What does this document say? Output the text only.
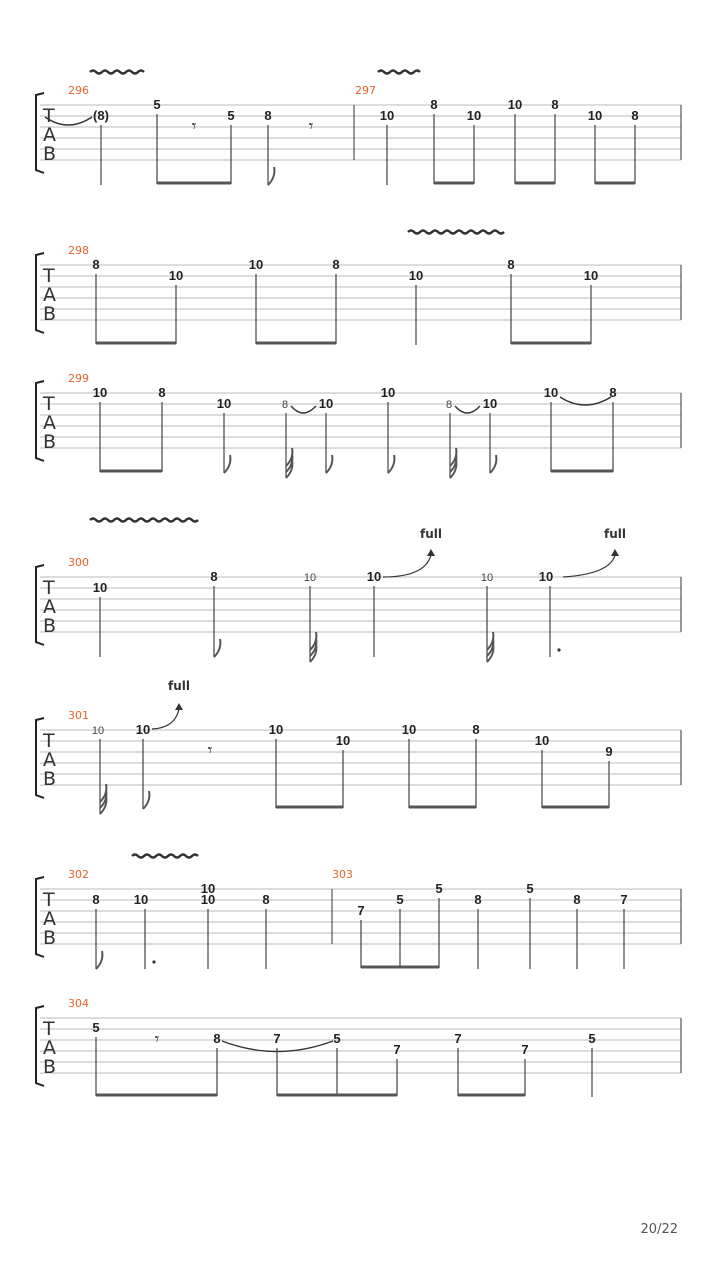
T
A
B
296	297
(8)
5
5 8	10
8
10
10 8
10 8
𝄾	𝄾
T
A
B
298
8
10
10	8
10
8
10
T
A
B
299
10	8
10	8 10
10
8 10
10	8
T
A
B
300
10
8	10	10	10	10
full	full
T
A
B
301
10 10	10
10
10	8
10
9
full
𝄾
T
A
B
302	303
8	10
10
10	8
7
5
5
8
5
8	7
T
A
B
304
𝄾
5
8	7	5
7
7
7
5
20/22
